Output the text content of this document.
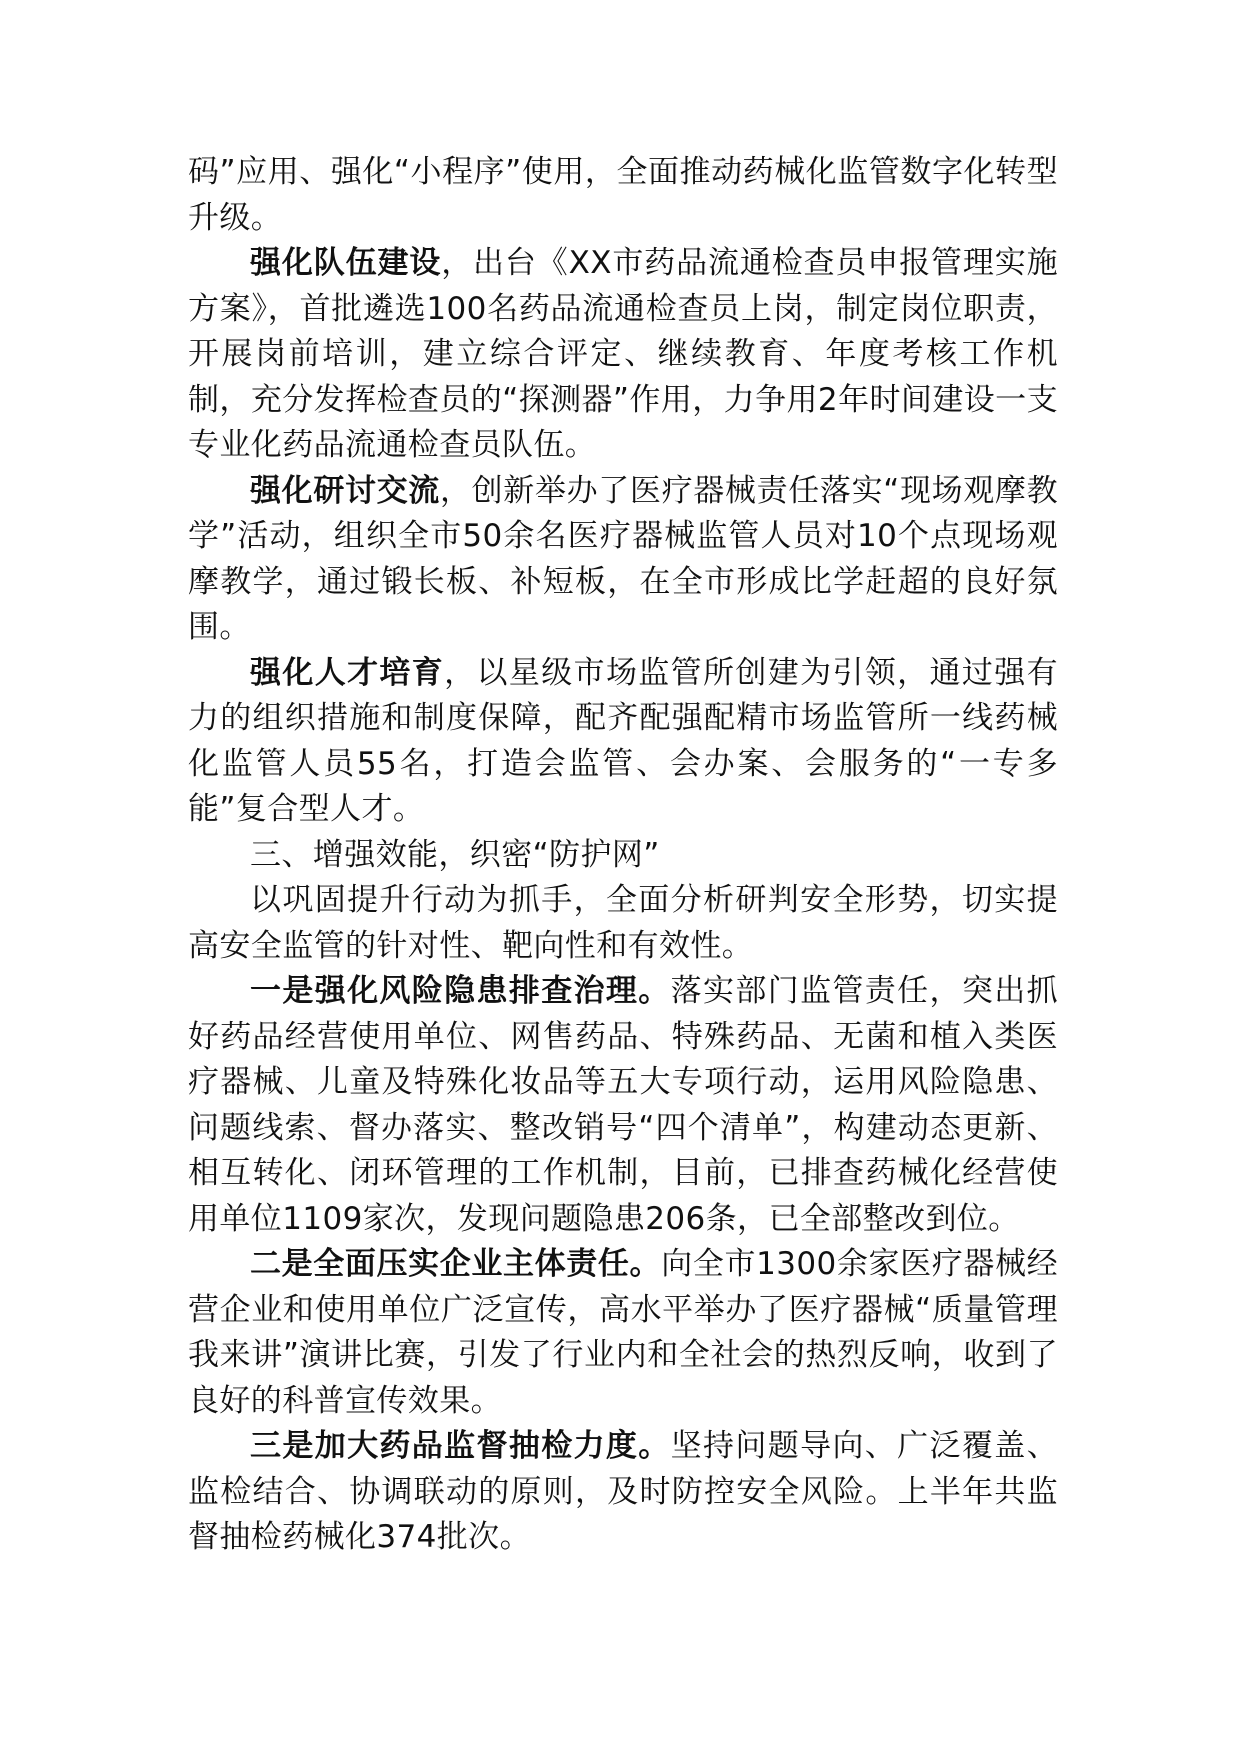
码”应用、强化“小程序”使用，全面推动药械化监管数字化转型升级。

强化队伍建设，出台《XX市药品流通检查员申报管理实施方案》，首批遴选100名药品流通检查员上岗，制定岗位职责，开展岗前培训，建立综合评定、继续教育、年度考核工作机制，充分发挥检查员的“探测器”作用，力争用2年时间建设一支专业化药品流通检查员队伍。

强化研讨交流，创新举办了医疗器械责任落实“现场观摩教学”活动，组织全市50余名医疗器械监管人员对10个点现场观摩教学，通过锻长板、补短板，在全市形成比学赶超的良好氛围。

强化人才培育，以星级市场监管所创建为引领，通过强有力的组织措施和制度保障，配齐配强配精市场监管所一线药械化监管人员55名，打造会监管、会办案、会服务的“一专多能”复合型人才。

三、增强效能，织密“防护网”

以巩固提升行动为抓手，全面分析研判安全形势，切实提高安全监管的针对性、靶向性和有效性。

一是强化风险隐患排查治理。落实部门监管责任，突出抓好药品经营使用单位、网售药品、特殊药品、无菌和植入类医疗器械、儿童及特殊化妆品等五大专项行动，运用风险隐患、问题线索、督办落实、整改销号“四个清单”，构建动态更新、相互转化、闭环管理的工作机制，目前，已排查药械化经营使用单位1109家次，发现问题隐患206条，已全部整改到位。

二是全面压实企业主体责任。向全市1300余家医疗器械经营企业和使用单位广泛宣传，高水平举办了医疗器械“质量管理我来讲”演讲比赛，引发了行业内和全社会的热烈反响，收到了良好的科普宣传效果。

三是加大药品监督抽检力度。坚持问题导向、广泛覆盖、监检结合、协调联动的原则，及时防控安全风险。上半年共监督抽检药械化374批次。
